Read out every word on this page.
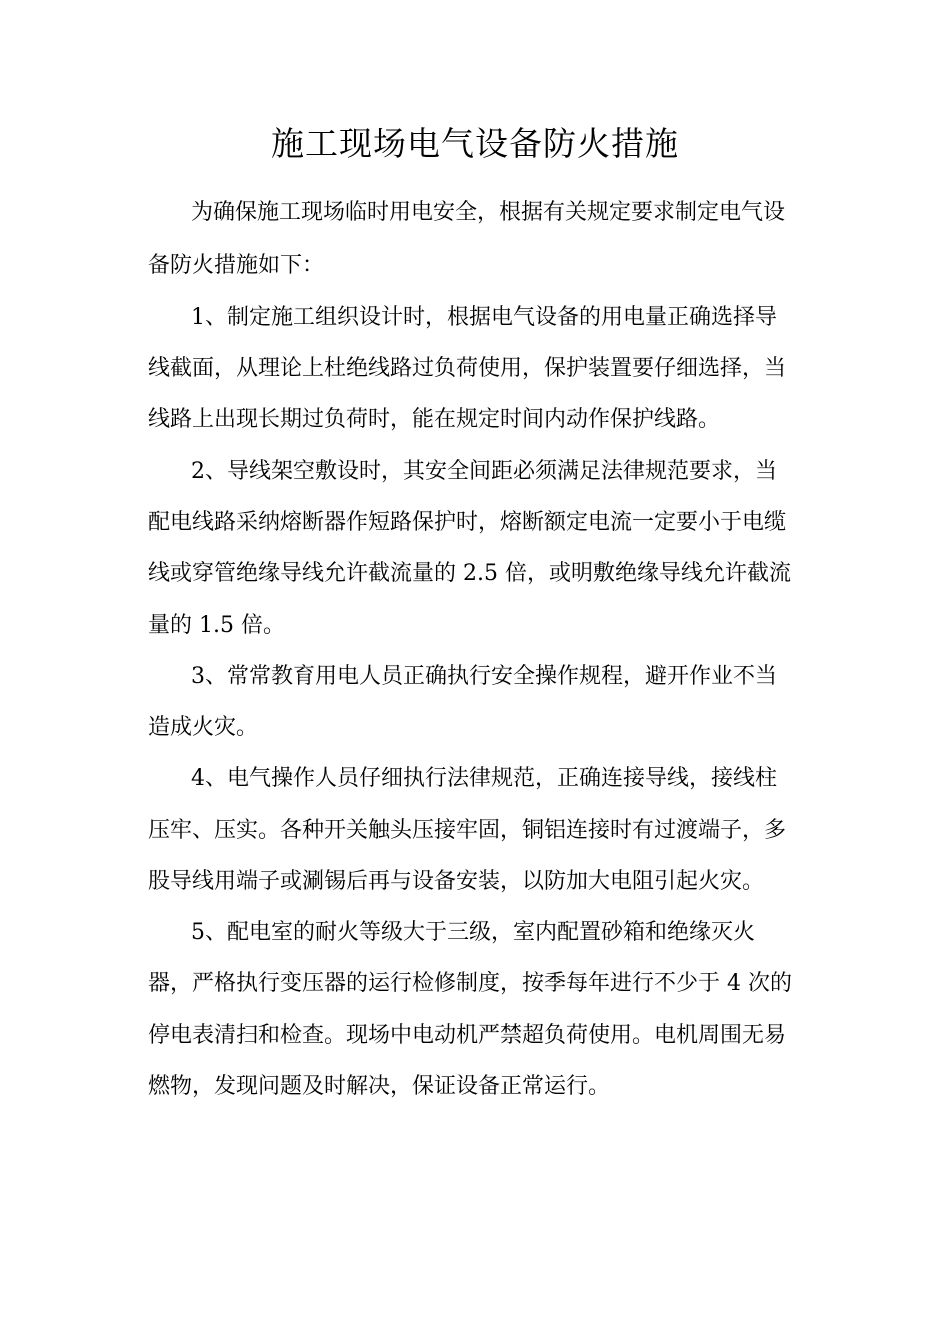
施工现场电气设备防火措施

为确保施工现场临时用电安全，根据有关规定要求制定电气设

备防火措施如下：

1、制定施工组织设计时，根据电气设备的用电量正确选择导

线截面，从理论上杜绝线路过负荷使用，保护装置要仔细选择，当

线路上出现长期过负荷时，能在规定时间内动作保护线路。

2、导线架空敷设时，其安全间距必须满足法律规范要求，当

配电线路采纳熔断器作短路保护时，熔断额定电流一定要小于电缆

线或穿管绝缘导线允许截流量的 2.5 倍，或明敷绝缘导线允许截流

量的 1.5 倍。

3、常常教育用电人员正确执行安全操作规程，避开作业不当

造成火灾。

4、电气操作人员仔细执行法律规范，正确连接导线，接线柱

压牢、压实。各种开关触头压接牢固，铜铝连接时有过渡端子，多

股导线用端子或涮锡后再与设备安装，以防加大电阻引起火灾。

5、配电室的耐火等级大于三级，室内配置砂箱和绝缘灭火

器，严格执行变压器的运行检修制度，按季每年进行不少于 4 次的

停电表清扫和检查。现场中电动机严禁超负荷使用。电机周围无易

燃物，发现问题及时解决，保证设备正常运行。
